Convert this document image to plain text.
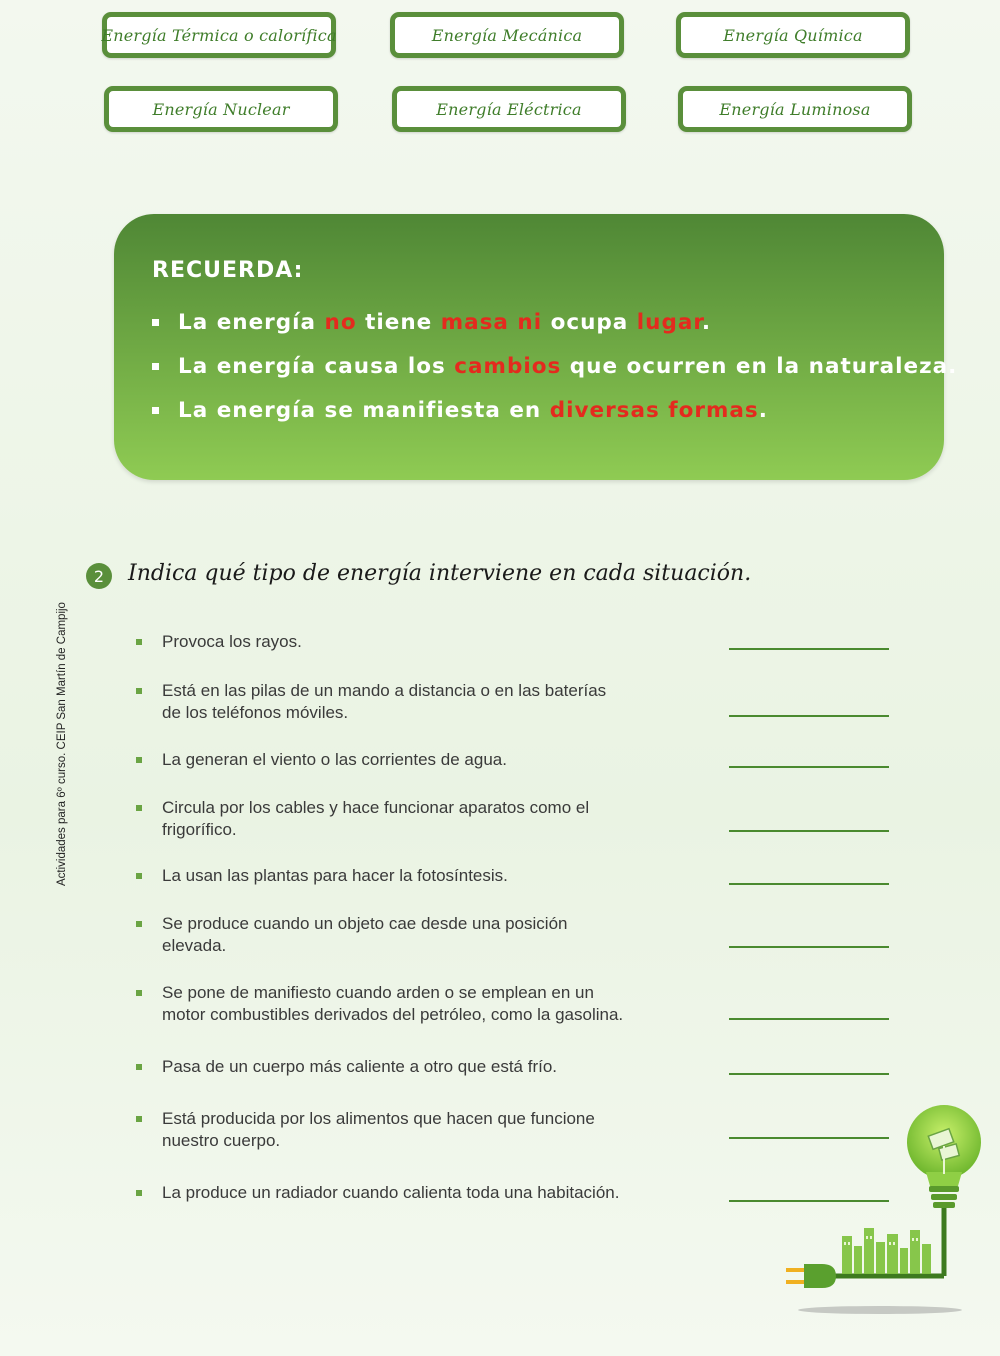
Energía Térmica o calorífica	Energía Mecánica	Energía Química
Energía Nuclear	Energía Eléctrica	Energía Luminosa
RECUERDA:
La energía no tiene masa ni ocupa lugar.
La energía causa los cambios que ocurren en la naturaleza.
La energía se manifiesta en diversas formas.
Actividades para 6º curso. CEIP San Martín de Campijo
2	Indica qué tipo de energía interviene en cada situación.
Provoca los rayos.
Está en las pilas de un mando a distancia o en las baterías
de los teléfonos móviles.
La generan el viento o las corrientes de agua.
Circula por los cables y hace funcionar aparatos como el
frigorífico.
La usan las plantas para hacer la fotosíntesis.
Se produce cuando un objeto cae desde una posición
elevada.
Se pone de manifiesto cuando arden o se emplean en un
motor combustibles derivados del petróleo, como la gasolina.
Pasa de un cuerpo más caliente a otro que está frío.
Está producida por los alimentos que hacen que funcione
nuestro cuerpo.
La produce un radiador cuando calienta toda una habitación.
